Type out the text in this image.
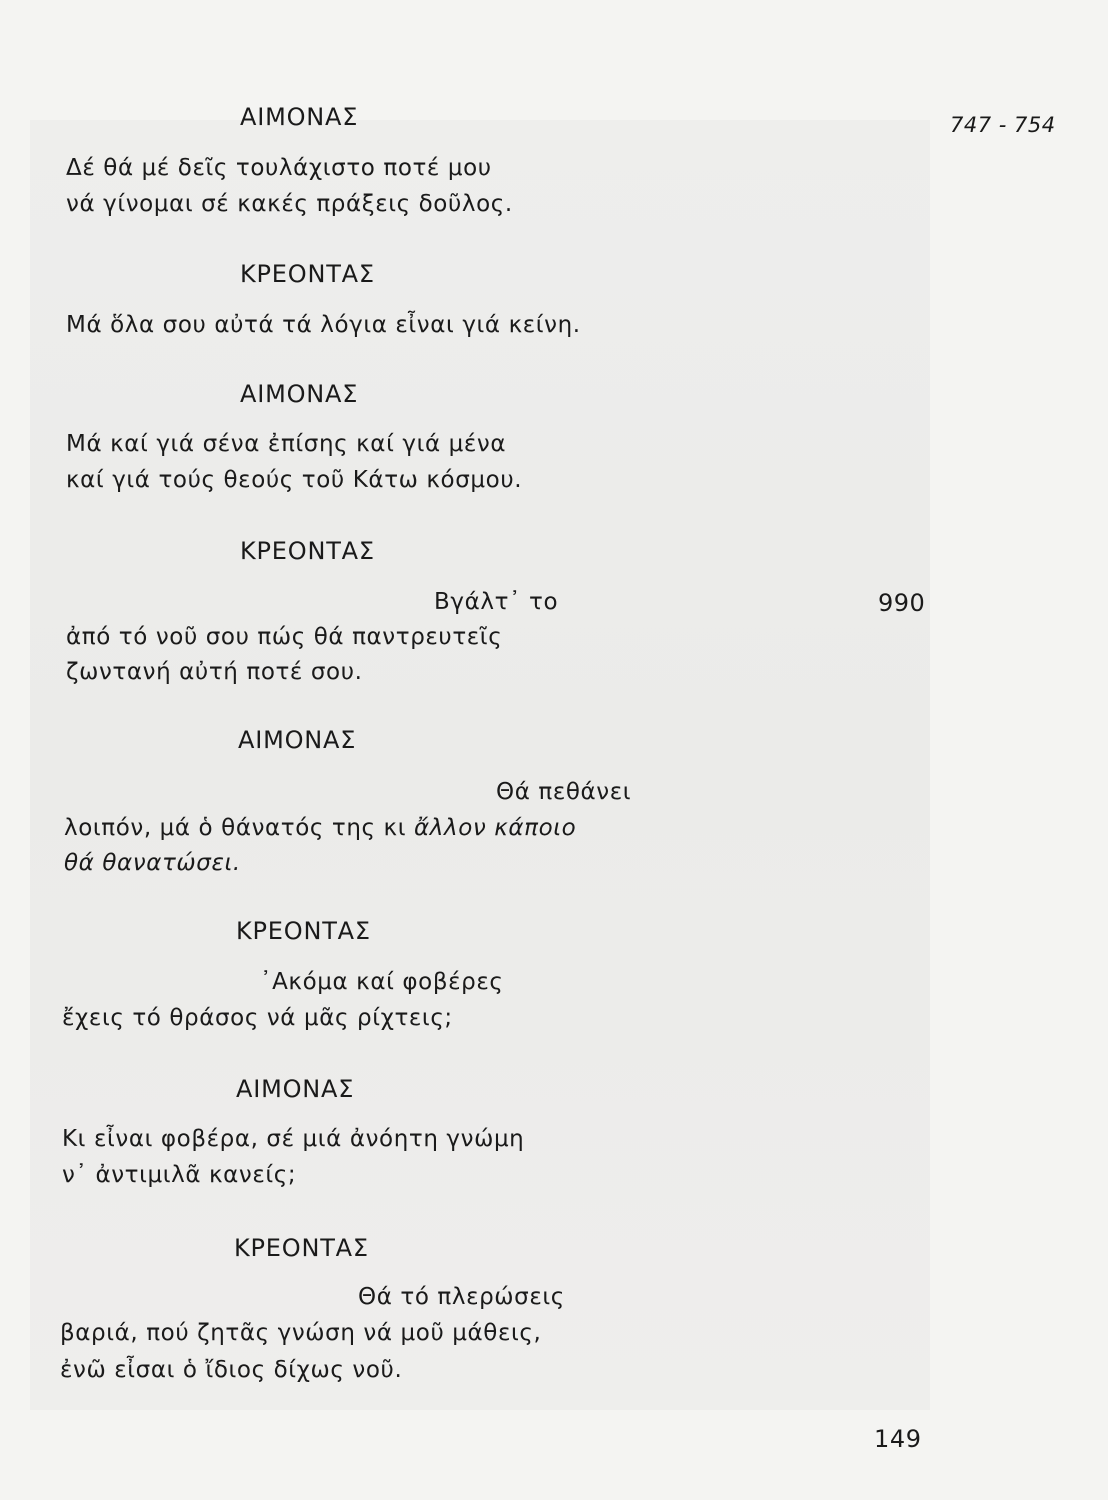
747 - 754
ΑΙΜΟΝΑΣ
Δέ θά μέ δεῖς τουλάχιστο ποτέ μου
νά γίνομαι σέ κακές πράξεις δοῦλος.
ΚΡΕΟΝΤΑΣ
Μά ὅλα σου αὐτά τά λόγια εἶναι γιά κείνη.
ΑΙΜΟΝΑΣ
Μά καί γιά σένα ἐπίσης καί γιά μένα
καί γιά τούς θεούς τοῦ Κάτω κόσμου.
ΚΡΕΟΝΤΑΣ
Βγάλτ᾽ το	990
ἀπό τό νοῦ σου πώς θά παντρευτεῖς
ζωντανή αὐτή ποτέ σου.
ΑΙΜΟΝΑΣ
Θά πεθάνει
λοιπόν, μά ὁ θάνατός της κι ἄλλον κάποιο
θά θανατώσει.
ΚΡΕΟΝΤΑΣ
᾽Ακόμα καί φοβέρες
ἔχεις τό θράσος νά μᾶς ρίχτεις;
ΑΙΜΟΝΑΣ
Κι εἶναι φοβέρα, σέ μιά ἀνόητη γνώμη
ν᾽ ἀντιμιλᾶ κανείς;
ΚΡΕΟΝΤΑΣ
Θά τό πλερώσεις
βαριά, πού ζητᾶς γνώση νά μοῦ μάθεις,
ἐνῶ εἶσαι ὁ ἴδιος δίχως νοῦ.
149
